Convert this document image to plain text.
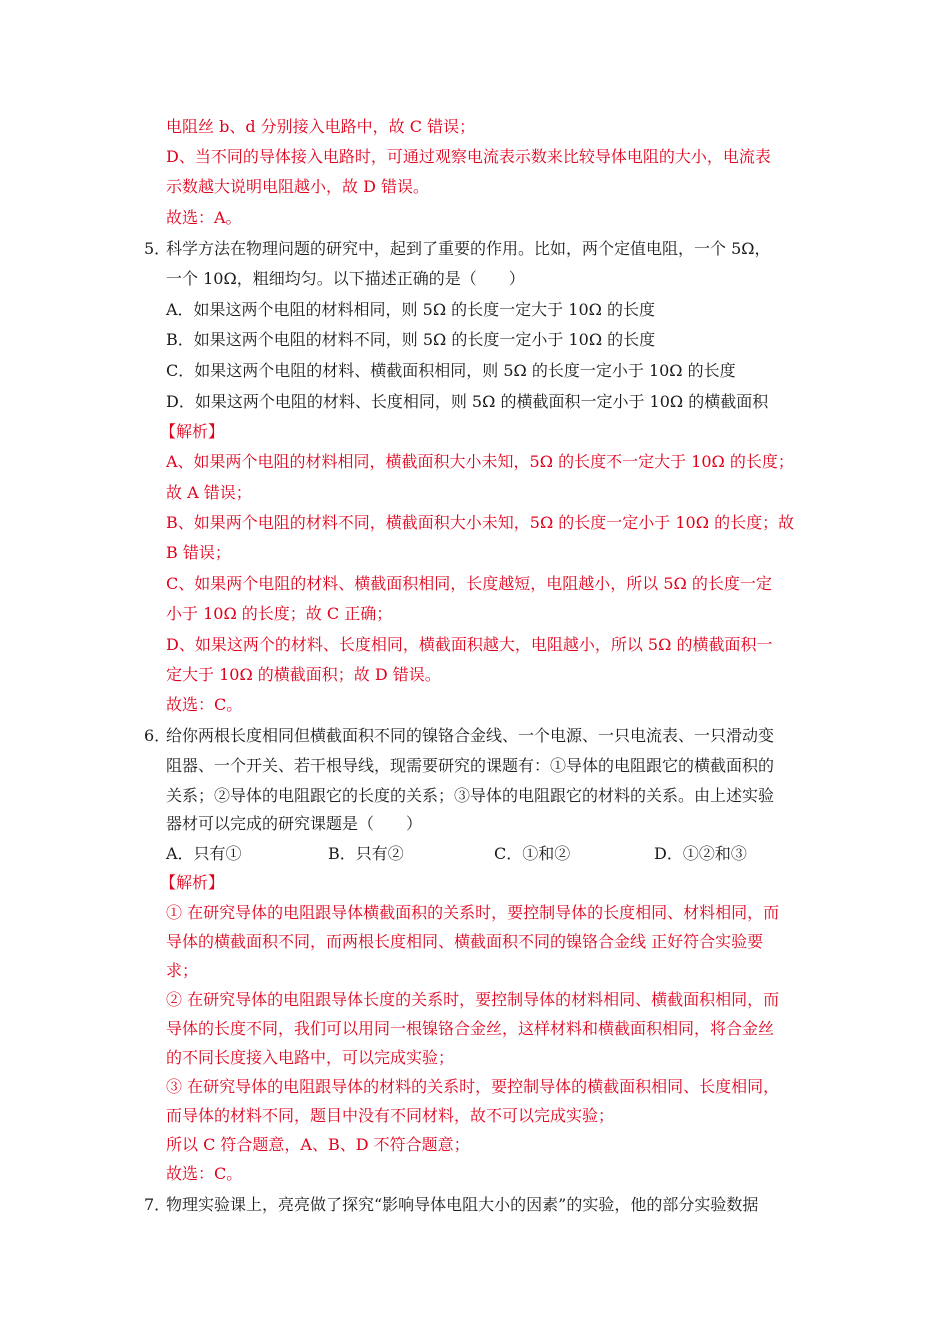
电阻丝 b、d 分别接入电路中，故 C 错误；
D、当不同的导体接入电路时，可通过观察电流表示数来比较导体电阻的大小，电流表
示数越大说明电阻越小，故 D 错误。
故选：A。
5．
科学方法在物理问题的研究中，起到了重要的作用。比如，两个定值电阻，一个 5Ω，
一个 10Ω，粗细均匀。以下描述正确的是（　　）
A．如果这两个电阻的材料相同，则 5Ω 的长度一定大于 10Ω 的长度
B．如果这两个电阻的材料不同，则 5Ω 的长度一定小于 10Ω 的长度
C．如果这两个电阻的材料、横截面积相同，则 5Ω 的长度一定小于 10Ω 的长度
D．如果这两个电阻的材料、长度相同，则 5Ω 的横截面积一定小于 10Ω 的横截面积
【解析】
A、如果两个电阻的材料相同，横截面积大小未知，5Ω 的长度不一定大于 10Ω 的长度；
故 A 错误；
B、如果两个电阻的材料不同，横截面积大小未知，5Ω 的长度一定小于 10Ω 的长度；故
B 错误；
C、如果两个电阻的材料、横截面积相同，长度越短，电阻越小，所以 5Ω 的长度一定
小于 10Ω 的长度；故 C 正确；
D、如果这两个的材料、长度相同，横截面积越大，电阻越小，所以 5Ω 的横截面积一
定大于 10Ω 的横截面积；故 D 错误。
故选：C。
6．
给你两根长度相同但横截面积不同的镍铬合金线、一个电源、一只电流表、一只滑动变
阻器、一个开关、若干根导线，现需要研究的课题有：①导体的电阻跟它的横截面积的
关系；②导体的电阻跟它的长度的关系；③导体的电阻跟它的材料的关系。由上述实验
器材可以完成的研究课题是（　　）
A．只有①	B．只有②	C．①和②	D．①②和③
【解析】
① 在研究导体的电阻跟导体横截面积的关系时，要控制导体的长度相同、材料相同，而
导体的横截面积不同，而两根长度相同、横截面积不同的镍铬合金线 正好符合实验要
求；
② 在研究导体的电阻跟导体长度的关系时，要控制导体的材料相同、横截面积相同，而
导体的长度不同，我们可以用同一根镍铬合金丝，这样材料和横截面积相同，将合金丝
的不同长度接入电路中，可以完成实验；
③ 在研究导体的电阻跟导体的材料的关系时，要控制导体的横截面积相同、长度相同，
而导体的材料不同，题目中没有不同材料，故不可以完成实验；
所以 C 符合题意，A、B、D 不符合题意；
故选：C。
7．
物理实验课上，亮亮做了探究“影响导体电阻大小的因素”的实验，他的部分实验数据
